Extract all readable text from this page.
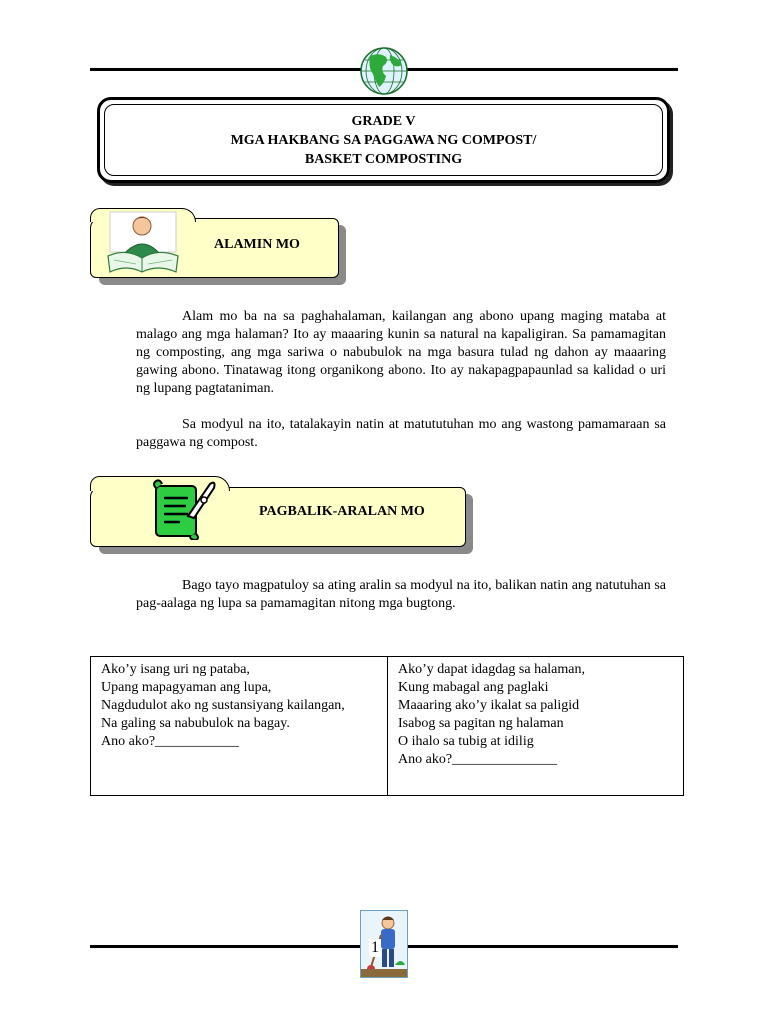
GRADE V
MGA HAKBANG SA PAGGAWA NG COMPOST/
BASKET COMPOSTING
ALAMIN MO

Alam mo ba na sa paghahalaman, kailangan ang abono upang maging mataba at malago ang mga halaman? Ito ay maaaring kunin sa natural na kapaligiran. Sa pamamagitan ng composting, ang mga sariwa o nabubulok na mga basura tulad ng dahon ay maaaring gawing abono. Tinatawag itong organikong abono. Ito ay nakapagpapaunlad sa kalidad o uri ng lupang pagtataniman.

Sa modyul na ito, tatalakayin natin at matututuhan mo ang wastong pamamaraan sa paggawa ng compost.

PAGBALIK-ARALAN MO

Bago tayo magpatuloy sa ating aralin sa modyul na ito, balikan natin ang natutuhan sa pag-aalaga ng lupa sa pamamagitan nitong mga bugtong.

Ako’y isang uri ng pataba,
Upang mapagyaman ang lupa,
Nagdudulot ako ng sustansiyang kailangan,
Na galing sa nabubulok na bagay.
Ano ako?____________
Ako’y dapat idagdag sa halaman,
Kung mabagal ang paglaki
Maaaring ako’y ikalat sa paligid
Isabog sa pagitan ng halaman
O ihalo sa tubig at idilig
Ano ako?_______________
1
